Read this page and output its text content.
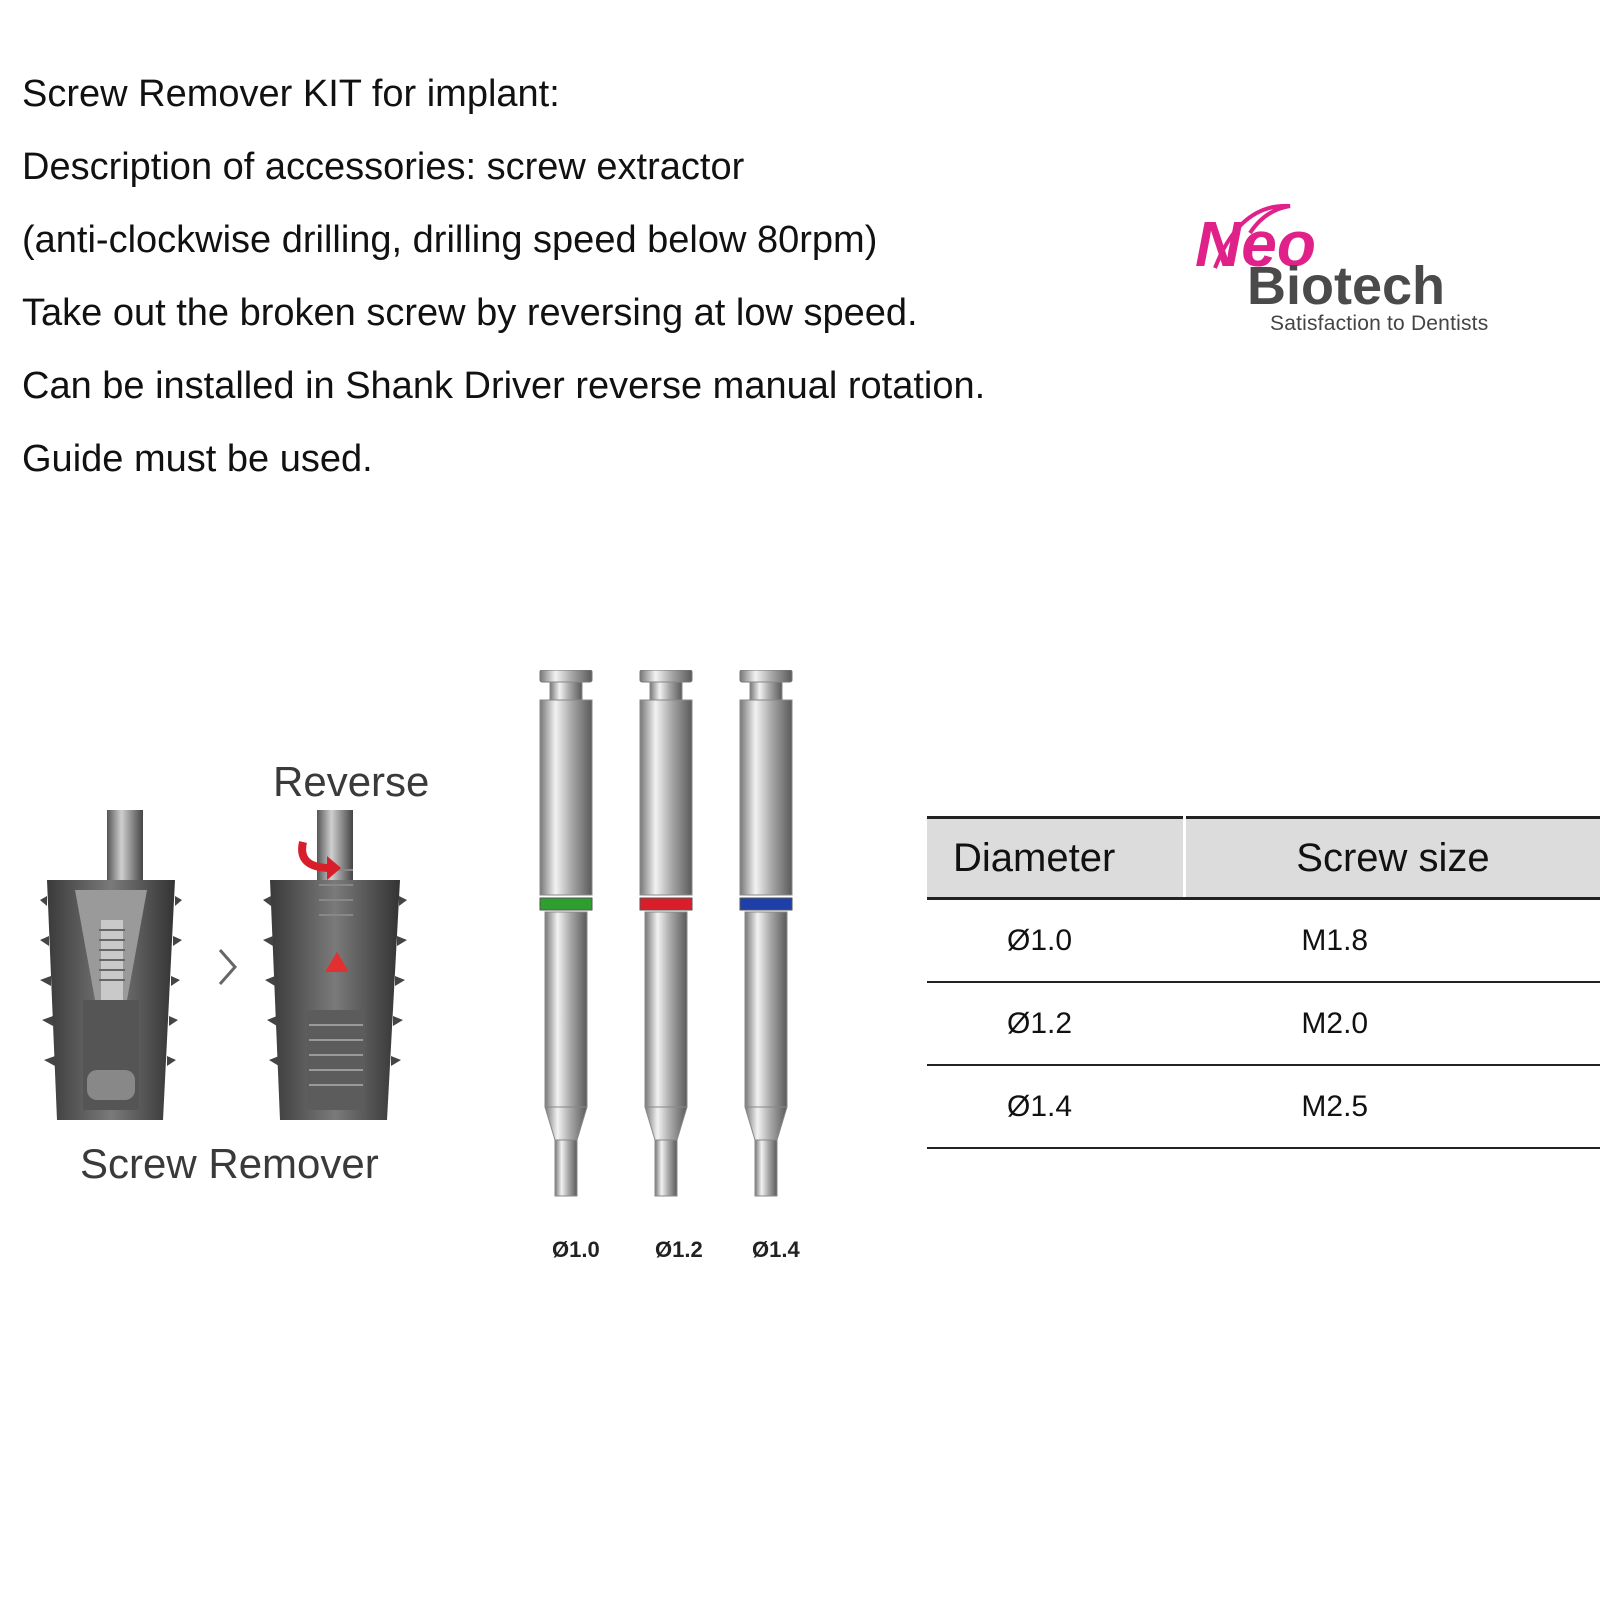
Screw Remover KIT for implant:
Description of accessories: screw extractor
(anti-clockwise drilling, drilling speed below 80rpm)
Take out the broken screw by reversing at low speed.
Can be installed in Shank Driver reverse manual rotation.
Guide must be used.
Neo
Biotech
Satisfaction to Dentists
Reverse
Screw Remover
Ø1.0	Ø1.2 Ø1.4
Diameter	Screw size
Ø1.0	M1.8
Ø1.2	M2.0
Ø1.4	M2.5
